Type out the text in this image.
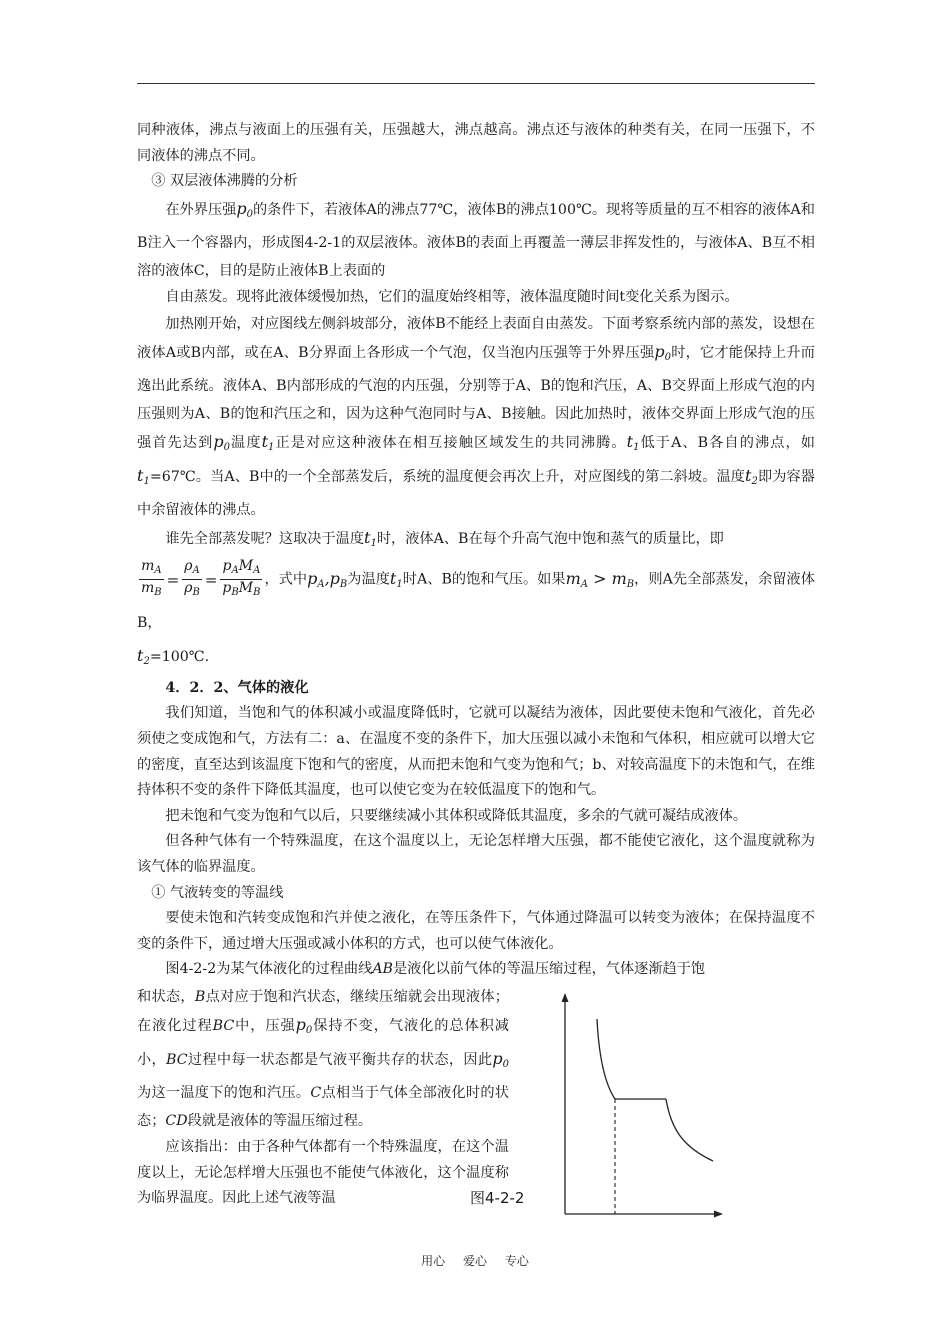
同种液体，沸点与液面上的压强有关，压强越大，沸点越高。沸点还与液体的种类有关，在同一压强下，不同液体的沸点不同。

③ 双层液体沸腾的分析

在外界压强$p_0$的条件下，若液体A的沸点77℃，液体B的沸点100℃。现将等质量的互不相容的液体A和B注入一个容器内，形成图4-2-1的双层液体。液体B的表面上再覆盖一薄层非挥发性的，与液体A、B互不相溶的液体C，目的是防止液体B上表面的

自由蒸发。现将此液体缓慢加热，它们的温度始终相等，液体温度随时间t变化关系为图示。

加热刚开始，对应图线左侧斜坡部分，液体B不能经上表面自由蒸发。下面考察系统内部的蒸发，设想在液体A或B内部，或在A、B分界面上各形成一个气泡，仅当泡内压强等于外界压强$p_0$时，它才能保持上升而逸出此系统。液体A、B内部形成的气泡的内压强，分别等于A、B的饱和汽压，A、B交界面上形成气泡的内压强则为A、B的饱和汽压之和，因为这种气泡同时与A、B接触。因此加热时，液体交界面上形成气泡的压强首先达到$p_0$温度$t_1$正是对应这种液体在相互接触区域发生的共同沸腾。$t_1$低于A、B各自的沸点，如$t_1=67℃$。当A、B中的一个全部蒸发后，系统的温度便会再次上升，对应图线的第二斜坡。温度$t_2$即为容器中余留液体的沸点。

谁先全部蒸发呢？这取决于温度$t_1$时，液体A、B在每个升高气泡中饱和蒸气的质量比，即

$\frac{m_A}{m_B} = \frac{\rho_A}{\rho_B} = \frac{p_AM_A}{p_BM_B}$ ，式中$p_A,p_B$为温度$t_1$时A、B的饱和气压。如果$m_A > m_B$，则A先全部蒸发，余留液体B，

$t_2=100℃$.

4．2．2、气体的液化

我们知道，当饱和气的体积减小或温度降低时，它就可以凝结为液体，因此要使未饱和气液化，首先必须使之变成饱和气，方法有二：a、在温度不变的条件下，加大压强以减小未饱和气体积，相应就可以增大它的密度，直至达到该温度下饱和气的密度，从而把未饱和气变为饱和气；b、对较高温度下的未饱和气，在维持体积不变的条件下降低其温度，也可以使它变为在较低温度下的饱和气。

把未饱和气变为饱和气以后，只要继续减小其体积或降低其温度，多余的气就可凝结成液体。

但各种气体有一个特殊温度，在这个温度以上，无论怎样增大压强，都不能使它液化，这个温度就称为该气体的临界温度。

① 气液转变的等温线

要使未饱和汽转变成饱和汽并使之液化，在等压条件下，气体通过降温可以转变为液体；在保持温度不变的条件下，通过增大压强或减小体积的方式，也可以使气体液化。

图4-2-2为某气体液化的过程曲线AB是液化以前气体的等温压缩过程，气体逐渐趋于饱

和状态，B点对应于饱和汽状态，继续压缩就会出现液体；在液化过程BC中，压强$p_0$保持不变，气液化的总体积减小，BC过程中每一状态都是气液平衡共存的状态，因此$p_0$为这一温度下的饱和汽压。C点相当于气体全部液化时的状态；CD段就是液体的等温压缩过程。

应该指出：由于各种气体都有一个特殊温度，在这个温度以上，无论怎样增大压强也不能使气体液化，这个温度称为临界温度。因此上述气液等温	图4-2-2
用心 爱心 专心
